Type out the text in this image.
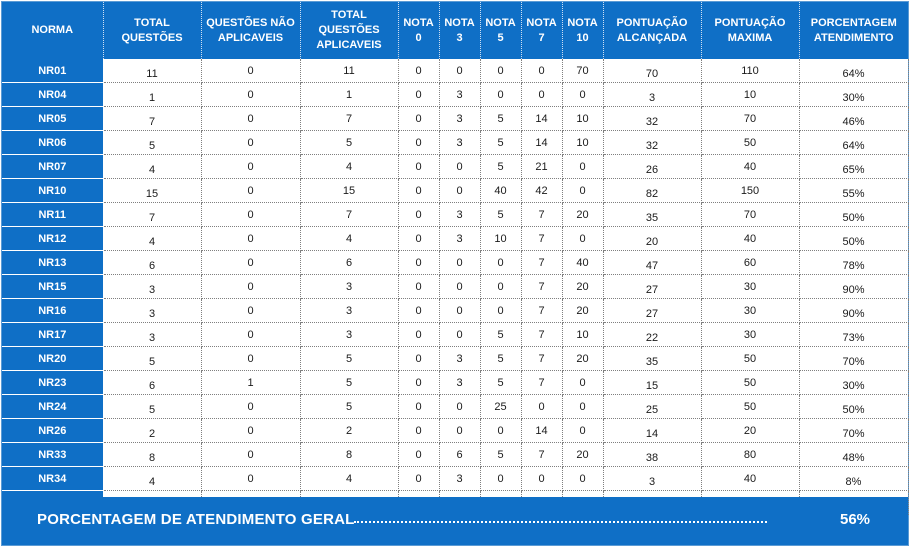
NORMA	TOTAL QUESTÕES	QUESTÕES NÃO APLICAVEIS	TOTAL QUESTÕES APLICAVEIS	NOTA 0	NOTA 3	NOTA 5	NOTA 7	NOTA 10	PONTUAÇÃO ALCANÇADA	PONTUAÇÃO MAXIMA	PORCENTAGEM ATENDIMENTO
NR01	11	0	11	0	0	0	0	70	70	110	64%
NR04	1	0	1	0	3	0	0	0	3	10	30%
NR05	7	0	7	0	3	5	14	10	32	70	46%
NR06	5	0	5	0	3	5	14	10	32	50	64%
NR07	4	0	4	0	0	5	21	0	26	40	65%
NR10	15	0	15	0	0	40	42	0	82	150	55%
NR11	7	0	7	0	3	5	7	20	35	70	50%
NR12	4	0	4	0	3	10	7	0	20	40	50%
NR13	6	0	6	0	0	0	7	40	47	60	78%
NR15	3	0	3	0	0	0	7	20	27	30	90%
NR16	3	0	3	0	0	0	7	20	27	30	90%
NR17	3	0	3	0	0	5	7	10	22	30	73%
NR20	5	0	5	0	3	5	7	20	35	50	70%
NR23	6	1	5	0	3	5	7	0	15	50	30%
NR24	5	0	5	0	0	25	0	0	25	50	50%
NR26	2	0	2	0	0	0	14	0	14	20	70%
NR33	8	0	8	0	6	5	7	20	38	80	48%
NR34	4	0	4	0	3	0	0	0	3	40	8%

PORCENTAGEM DE ATENDIMENTO GERAL	56%
